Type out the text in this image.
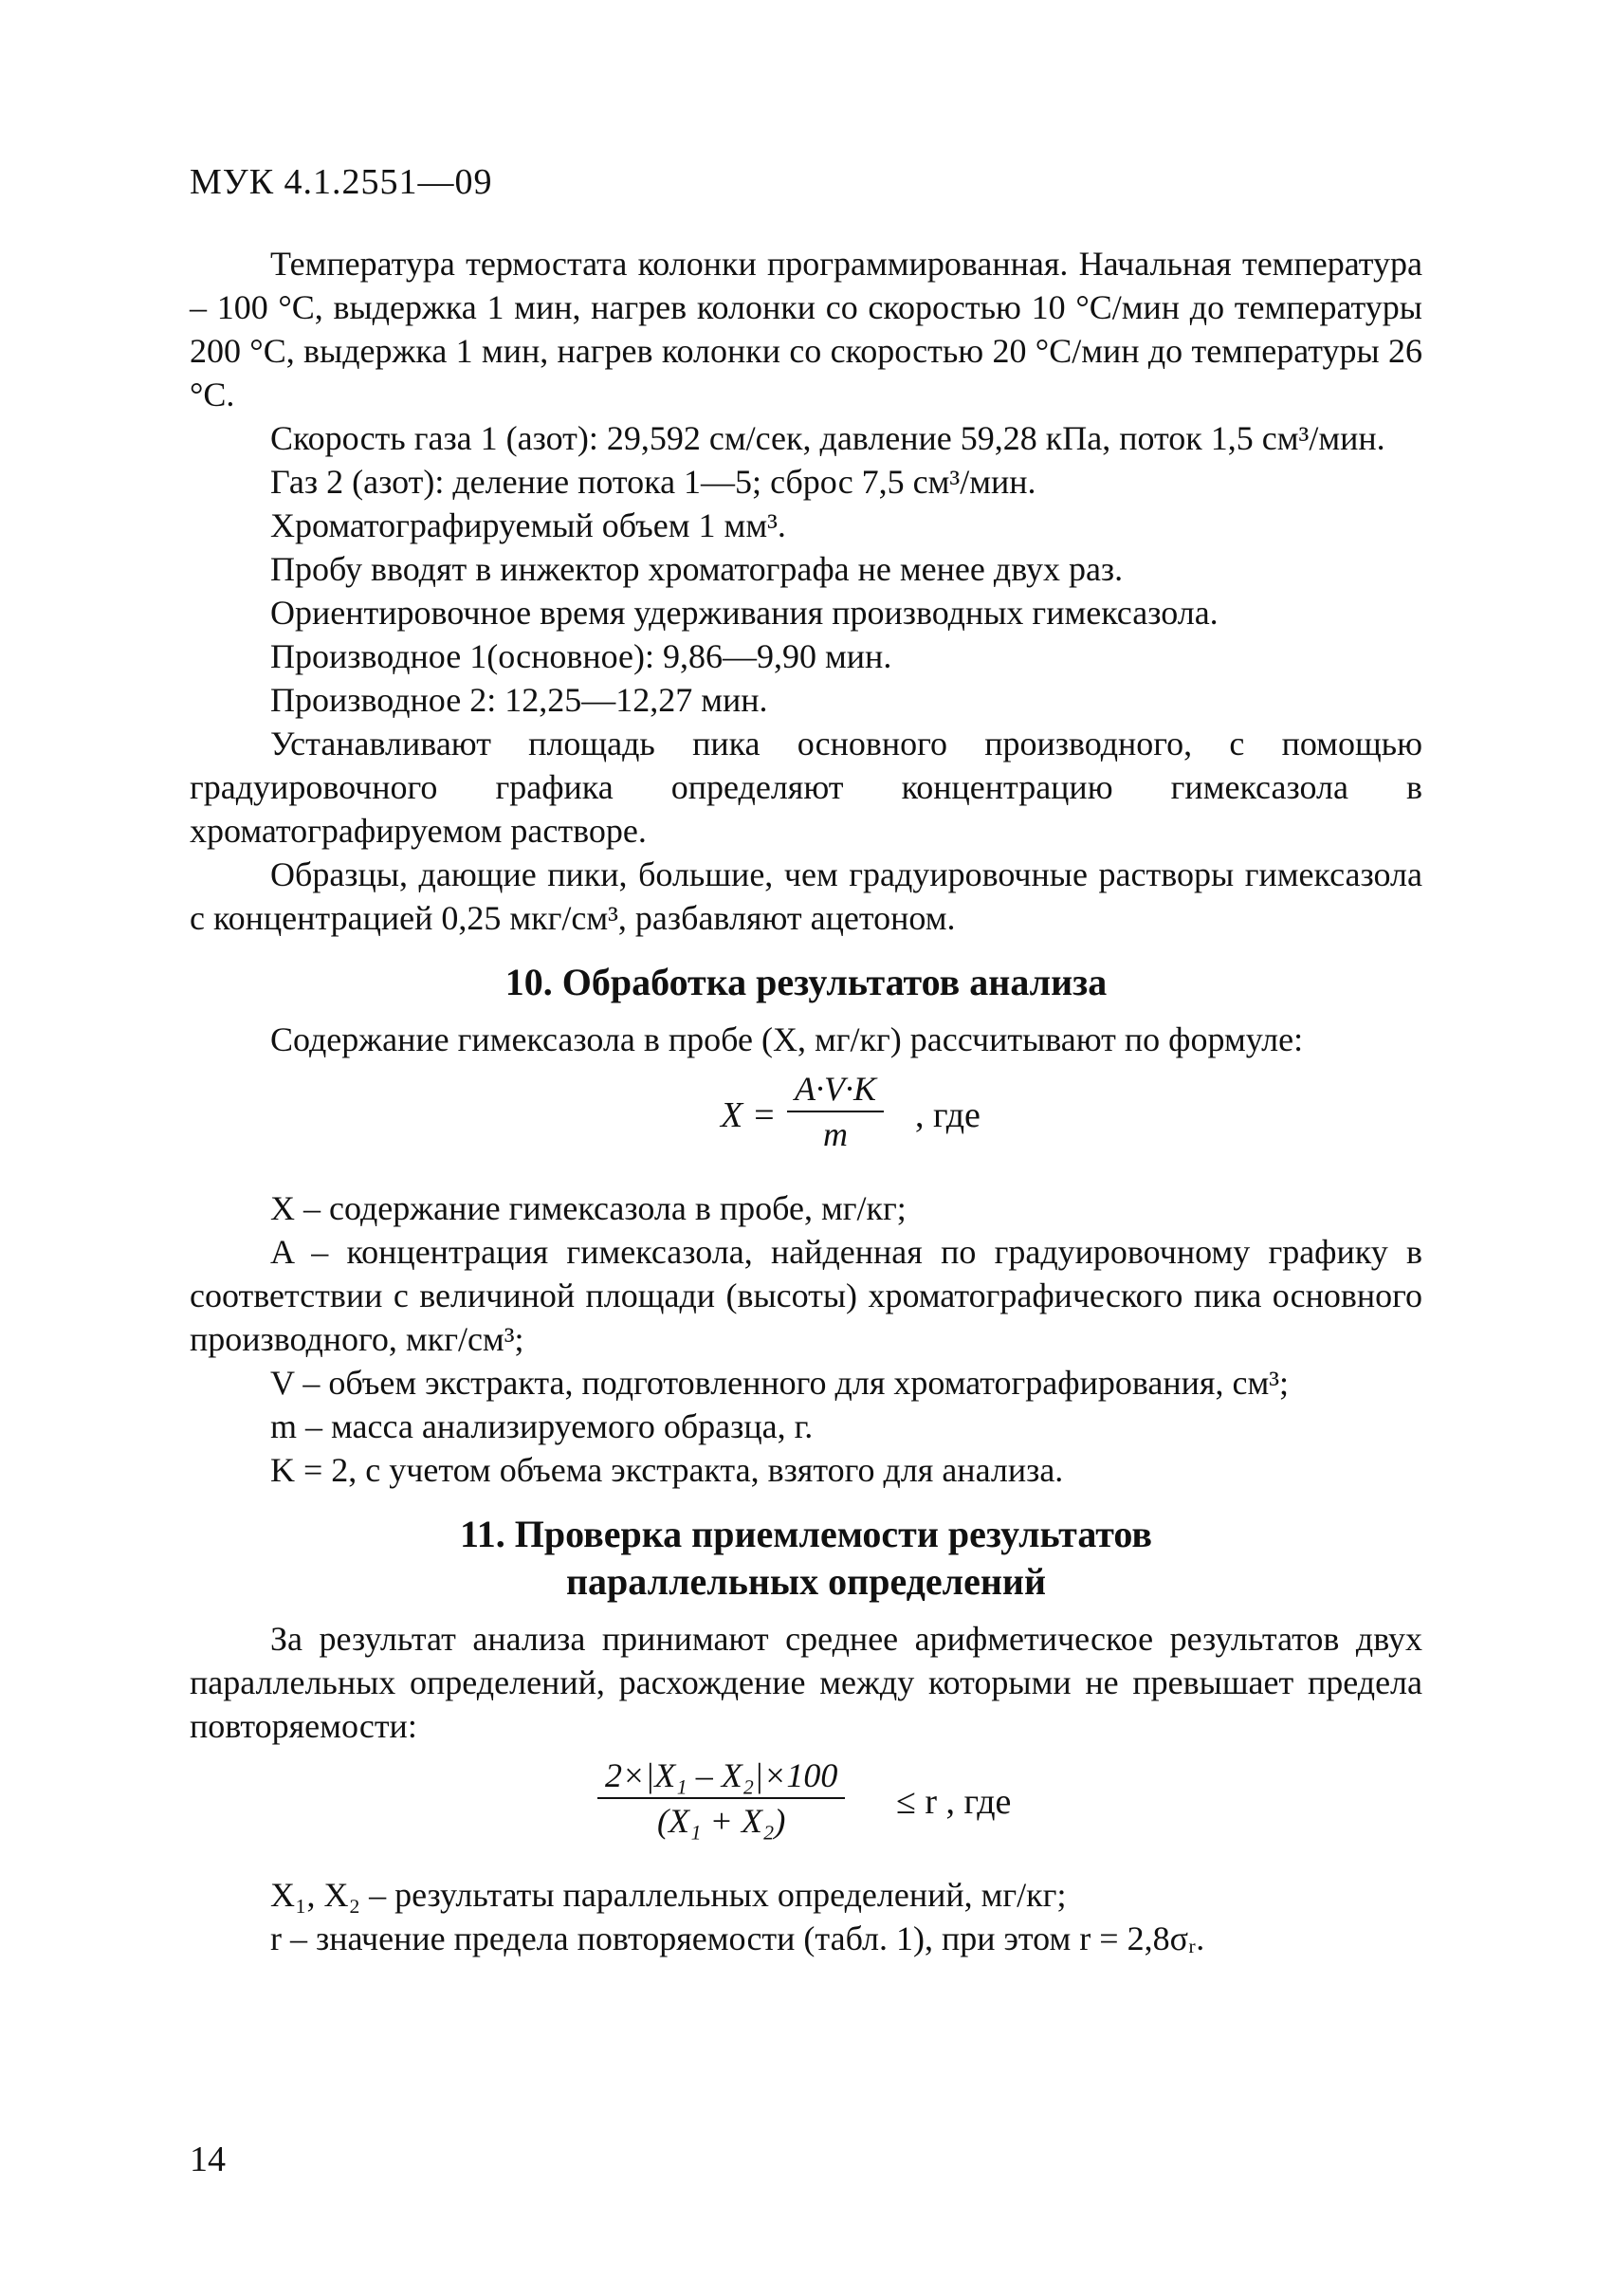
МУК 4.1.2551—09

Температура термостата колонки программированная. Начальная температура – 100 °С, выдержка 1 мин, нагрев колонки со скоростью 10 °С/мин до температуры 200 °С, выдержка 1 мин, нагрев колонки со скоростью 20 °С/мин до температуры 26 °С.

Скорость газа 1 (азот): 29,592 см/сек, давление 59,28 кПа, поток 1,5 см³/мин.

Газ 2 (азот): деление потока 1—5; сброс 7,5 см³/мин.

Хроматографируемый объем 1 мм³.

Пробу вводят в инжектор хроматографа не менее двух раз.

Ориентировочное время удерживания производных гимексазола.

Производное 1(основное): 9,86—9,90 мин.

Производное 2: 12,25—12,27 мин.

Устанавливают площадь пика основного производного, с помощью градуировочного графика определяют концентрацию гимексазола в хроматографируемом растворе.

Образцы, дающие пики, большие, чем градуировочные растворы гимексазола с концентрацией 0,25 мкг/см³, разбавляют ацетоном.

10. Обработка результатов анализа

Содержание гимексазола в пробе (X, мг/кг) рассчитывают по формуле:

$X = \frac{A\cdot V\cdot K}{m}$ , где

X – содержание гимексазола в пробе, мг/кг;

A – концентрация гимексазола, найденная по градуировочному графику в соответствии с величиной площади (высоты) хроматографического пика основного производного, мкг/см³;

V – объем экстракта, подготовленного для хроматографирования, см³;

m – масса анализируемого образца, г.

K = 2, с учетом объема экстракта, взятого для анализа.

11. Проверка приемлемости результатов
параллельных определений

За результат анализа принимают среднее арифметическое результатов двух параллельных определений, расхождение между которыми не превышает предела повторяемости:

$\frac{\text{2×|X₁ – X₂|×100}}{\text{(X₁ + X₂)}} \le r$ , где

X₁, X₂ – результаты параллельных определений, мг/кг;

r – значение предела повторяемости (табл. 1), при этом r = 2,8σᵣ.

14
